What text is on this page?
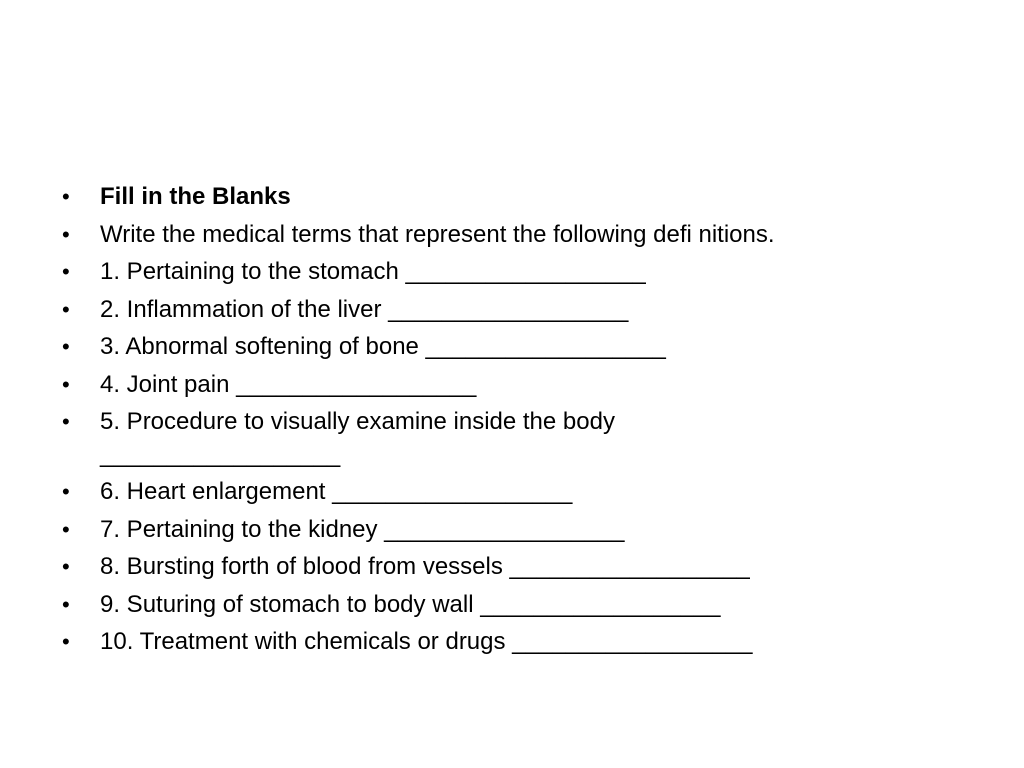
• Fill in the Blanks
• Write the medical terms that represent the following defi nitions.
• 1. Pertaining to the stomach __________________
• 2. Inflammation of the liver __________________
• 3. Abnormal softening of bone __________________
• 4. Joint pain __________________
• 5. Procedure to visually examine inside the body __________________
• 6. Heart enlargement __________________
• 7. Pertaining to the kidney __________________
• 8. Bursting forth of blood from vessels __________________
• 9. Suturing of stomach to body wall __________________
• 10. Treatment with chemicals or drugs __________________
